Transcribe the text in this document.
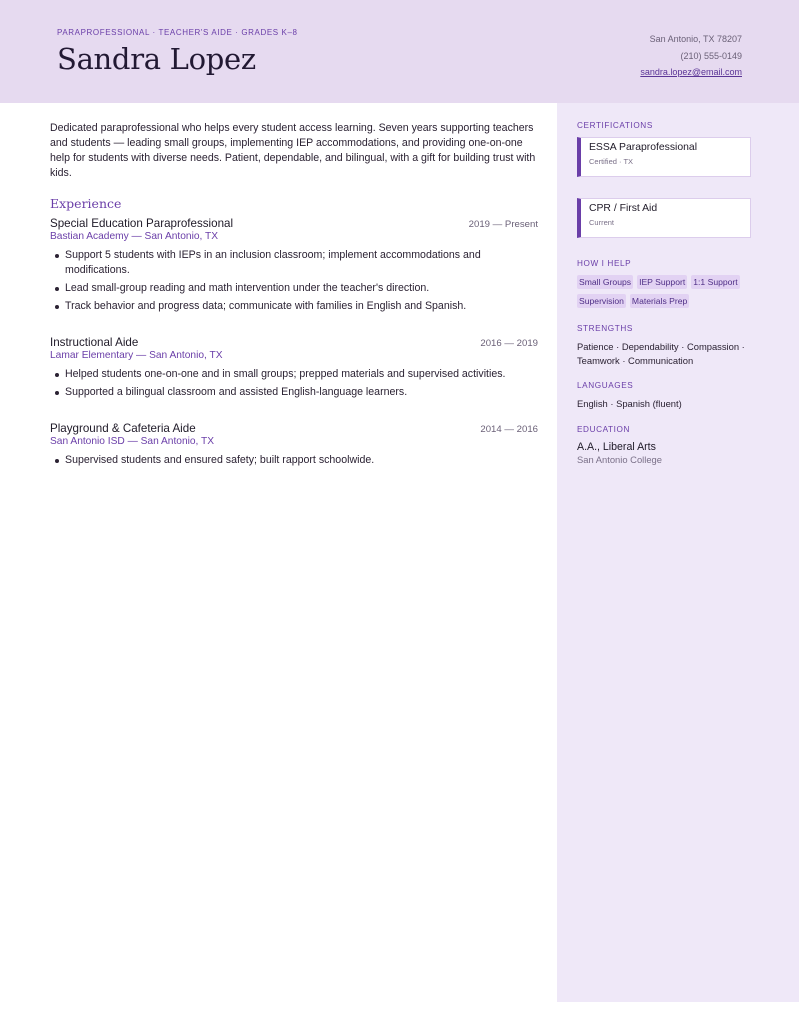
PARAPROFESSIONAL · TEACHER'S AIDE · GRADES K–8
Sandra Lopez
San Antonio, TX 78207
(210) 555-0149
sandra.lopez@email.com

Dedicated paraprofessional who helps every student access learning. Seven years supporting teachers and students — leading small groups, implementing IEP accommodations, and providing one-on-one help for students with diverse needs. Patient, dependable, and bilingual, with a gift for building trust with kids.

Experience
Special Education Paraprofessional	2019 — Present
Bastian Academy — San Antonio, TX
Support 5 students with IEPs in an inclusion classroom; implement accommodations and modifications.
Lead small-group reading and math intervention under the teacher's direction.
Track behavior and progress data; communicate with families in English and Spanish.
Instructional Aide	2016 — 2019
Lamar Elementary — San Antonio, TX
Helped students one-on-one and in small groups; prepped materials and supervised activities.
Supported a bilingual classroom and assisted English-language learners.
Playground & Cafeteria Aide	2014 — 2016
San Antonio ISD — San Antonio, TX
Supervised students and ensured safety; built rapport schoolwide.
CERTIFICATIONS
ESSA Paraprofessional
Certified · TX
CPR / First Aid
Current
HOW I HELP
Small Groups IEP Support 1:1 Support
Supervision Materials Prep
STRENGTHS
Patience · Dependability · Compassion · Teamwork · Communication
LANGUAGES
English · Spanish (fluent)
EDUCATION
A.A., Liberal Arts
San Antonio College
